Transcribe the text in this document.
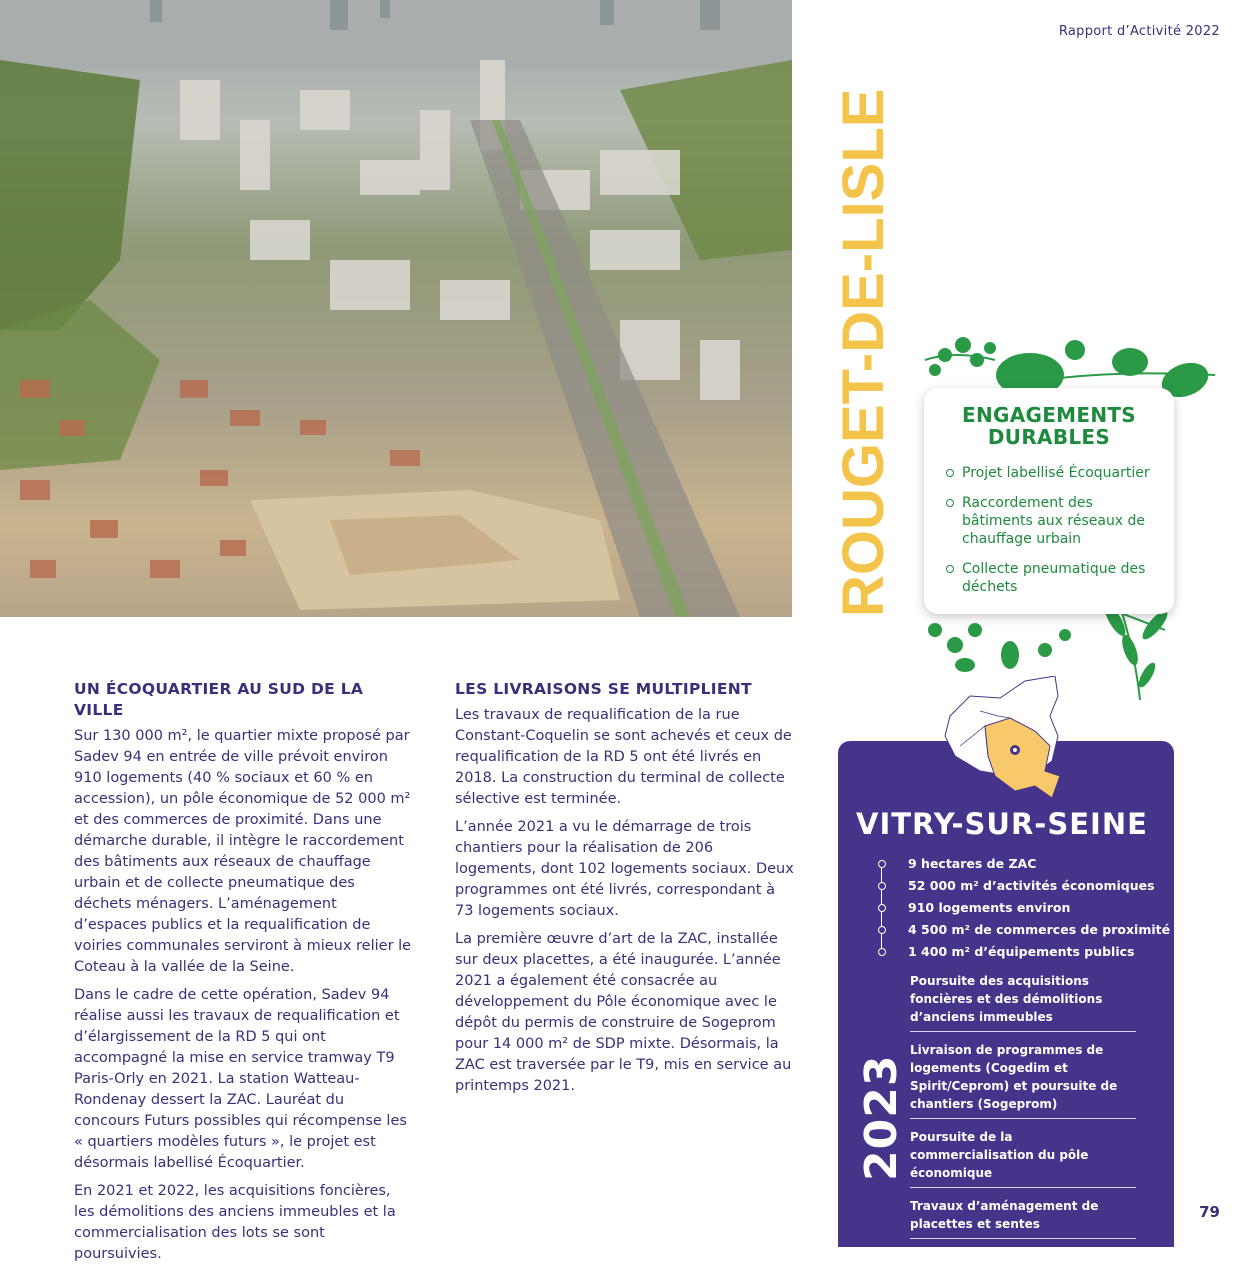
Rapport d’Activité 2022
ROUGET-DE-LISLE	ENGAGEMENTS
DURABLES
Projet labellisé Écoquartier
Raccordement des bâtiments aux réseaux de chauffage urbain
Collecte pneumatique des déchets
UN ÉCOQUARTIER AU SUD DE LA VILLE

Sur 130 000 m², le quartier mixte proposé par Sadev 94 en entrée de ville prévoit environ 910 logements (40 % sociaux et 60 % en accession), un pôle économique de 52 000 m² et des commerces de proximité. Dans une démarche durable, il intègre le raccordement des bâtiments aux réseaux de chauffage urbain et de collecte pneumatique des déchets ménagers. L’aménagement d’espaces publics et la requalification de voiries communales serviront à mieux relier le Coteau à la vallée de la Seine.

Dans le cadre de cette opération, Sadev 94 réalise aussi les travaux de requalification et d’élargissement de la RD 5 qui ont accompagné la mise en service tramway T9 Paris-Orly en 2021. La station Watteau-Rondenay dessert la ZAC. Lauréat du concours Futurs possibles qui récompense les « quartiers modèles futurs », le projet est désormais labellisé Écoquartier.

En 2021 et 2022, les acquisitions foncières, les démolitions des anciens immeubles et la commercialisation des lots se sont poursuivies.

LES LIVRAISONS SE MULTIPLIENT

Les travaux de requalification de la rue Constant-Coquelin se sont achevés et ceux de requalification de la RD 5 ont été livrés en 2018. La construction du terminal de collecte sélective est terminée.

L’année 2021 a vu le démarrage de trois chantiers pour la réalisation de 206 logements, dont 102 logements sociaux. Deux programmes ont été livrés, correspondant à 73 logements sociaux.

La première œuvre d’art de la ZAC, installée sur deux placettes, a été inaugurée. L’année 2021 a également été consacrée au développement du Pôle économique avec le dépôt du permis de construire de Sogeprom pour 14 000 m² de SDP mixte. Désormais, la ZAC est traversée par le T9, mis en service au printemps 2021.

VITRY-SUR-SEINE
9 hectares de ZAC
52 000 m² d’activités économiques
910 logements environ
4 500 m² de commerces de proximité
1 400 m² d’équipements publics
2023
Poursuite des acquisitions foncières et des démolitions d’anciens immeubles
Livraison de programmes de logements (Cogedim et Spirit/Ceprom) et poursuite de chantiers (Sogeprom)
Poursuite de la commercialisation du pôle économique
Travaux d’aménagement de placettes et sentes
79
